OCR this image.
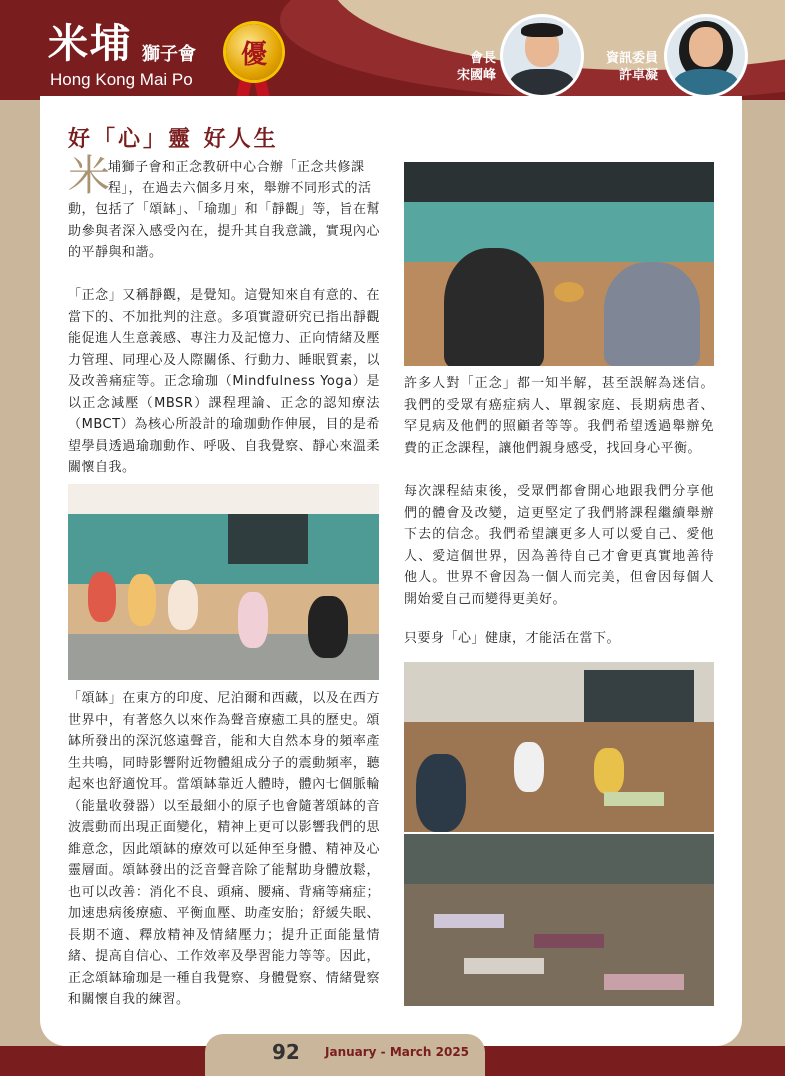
米埔 獅子會
Hong Kong Mai Po
優	會長
宋國峰
資訊委員
許卓凝
好「心」靈 好人生
米

埔獅子會和正念教研中心合辦「正念共修課

程」，在過去六個多月來，舉辦不同形式的活

動，包括了「頌缽」、「瑜珈」和「靜觀」等，旨在幫助參與者深入感受內在，提升其自我意識，實現內心的平靜與和諧。

「正念」又稱靜觀，是覺知。這覺知來自有意的、在當下的、不加批判的注意。多項實證研究已指出靜觀能促進人生意義感、專注力及記憶力、正向情緒及壓力管理、同理心及人際關係、行動力、睡眠質素，以及改善痛症等。正念瑜珈（Mindfulness Yoga）是以正念減壓（MBSR）課程理論、正念的認知療法（MBCT）為核心所設計的瑜珈動作伸展，目的是希望學員透過瑜珈動作、呼吸、自我覺察、靜心來溫柔關懷自我。

「頌缽」在東方的印度、尼泊爾和西藏，以及在西方世界中，有著悠久以來作為聲音療癒工具的歷史。頌缽所發出的深沉悠遠聲音，能和大自然本身的頻率產生共鳴，同時影響附近物體組成分子的震動頻率，聽起來也舒適悅耳。當頌缽靠近人體時，體內七個脈輪（能量收發器）以至最細小的原子也會隨著頌缽的音波震動而出現正面變化，精神上更可以影響我們的思維意念，因此頌缽的療效可以延伸至身體、精神及心靈層面。頌缽發出的泛音聲音除了能幫助身體放鬆，也可以改善：消化不良、頭痛、腰痛、背痛等痛症；加速患病後療癒、平衡血壓、助產安胎；舒緩失眠、長期不適、釋放精神及情緒壓力；提升正面能量情緒、提高自信心、工作效率及學習能力等等。因此，正念頌缽瑜珈是一種自我覺察、身體覺察、情緒覺察和關懷自我的練習。

許多人對「正念」都一知半解，甚至誤解為迷信。我們的受眾有癌症病人、單親家庭、長期病患者、罕見病及他們的照顧者等等。我們希望透過舉辦免費的正念課程，讓他們親身感受，找回身心平衡。

每次課程結束後，受眾們都會開心地跟我們分享他們的體會及改變，這更堅定了我們將課程繼續舉辦下去的信念。我們希望讓更多人可以愛自己、愛他人、愛這個世界，因為善待自己才會更真實地善待他人。世界不會因為一個人而完美，但會因每個人開始愛自己而變得更美好。

只要身「心」健康，才能活在當下。

92 January - March 2025
